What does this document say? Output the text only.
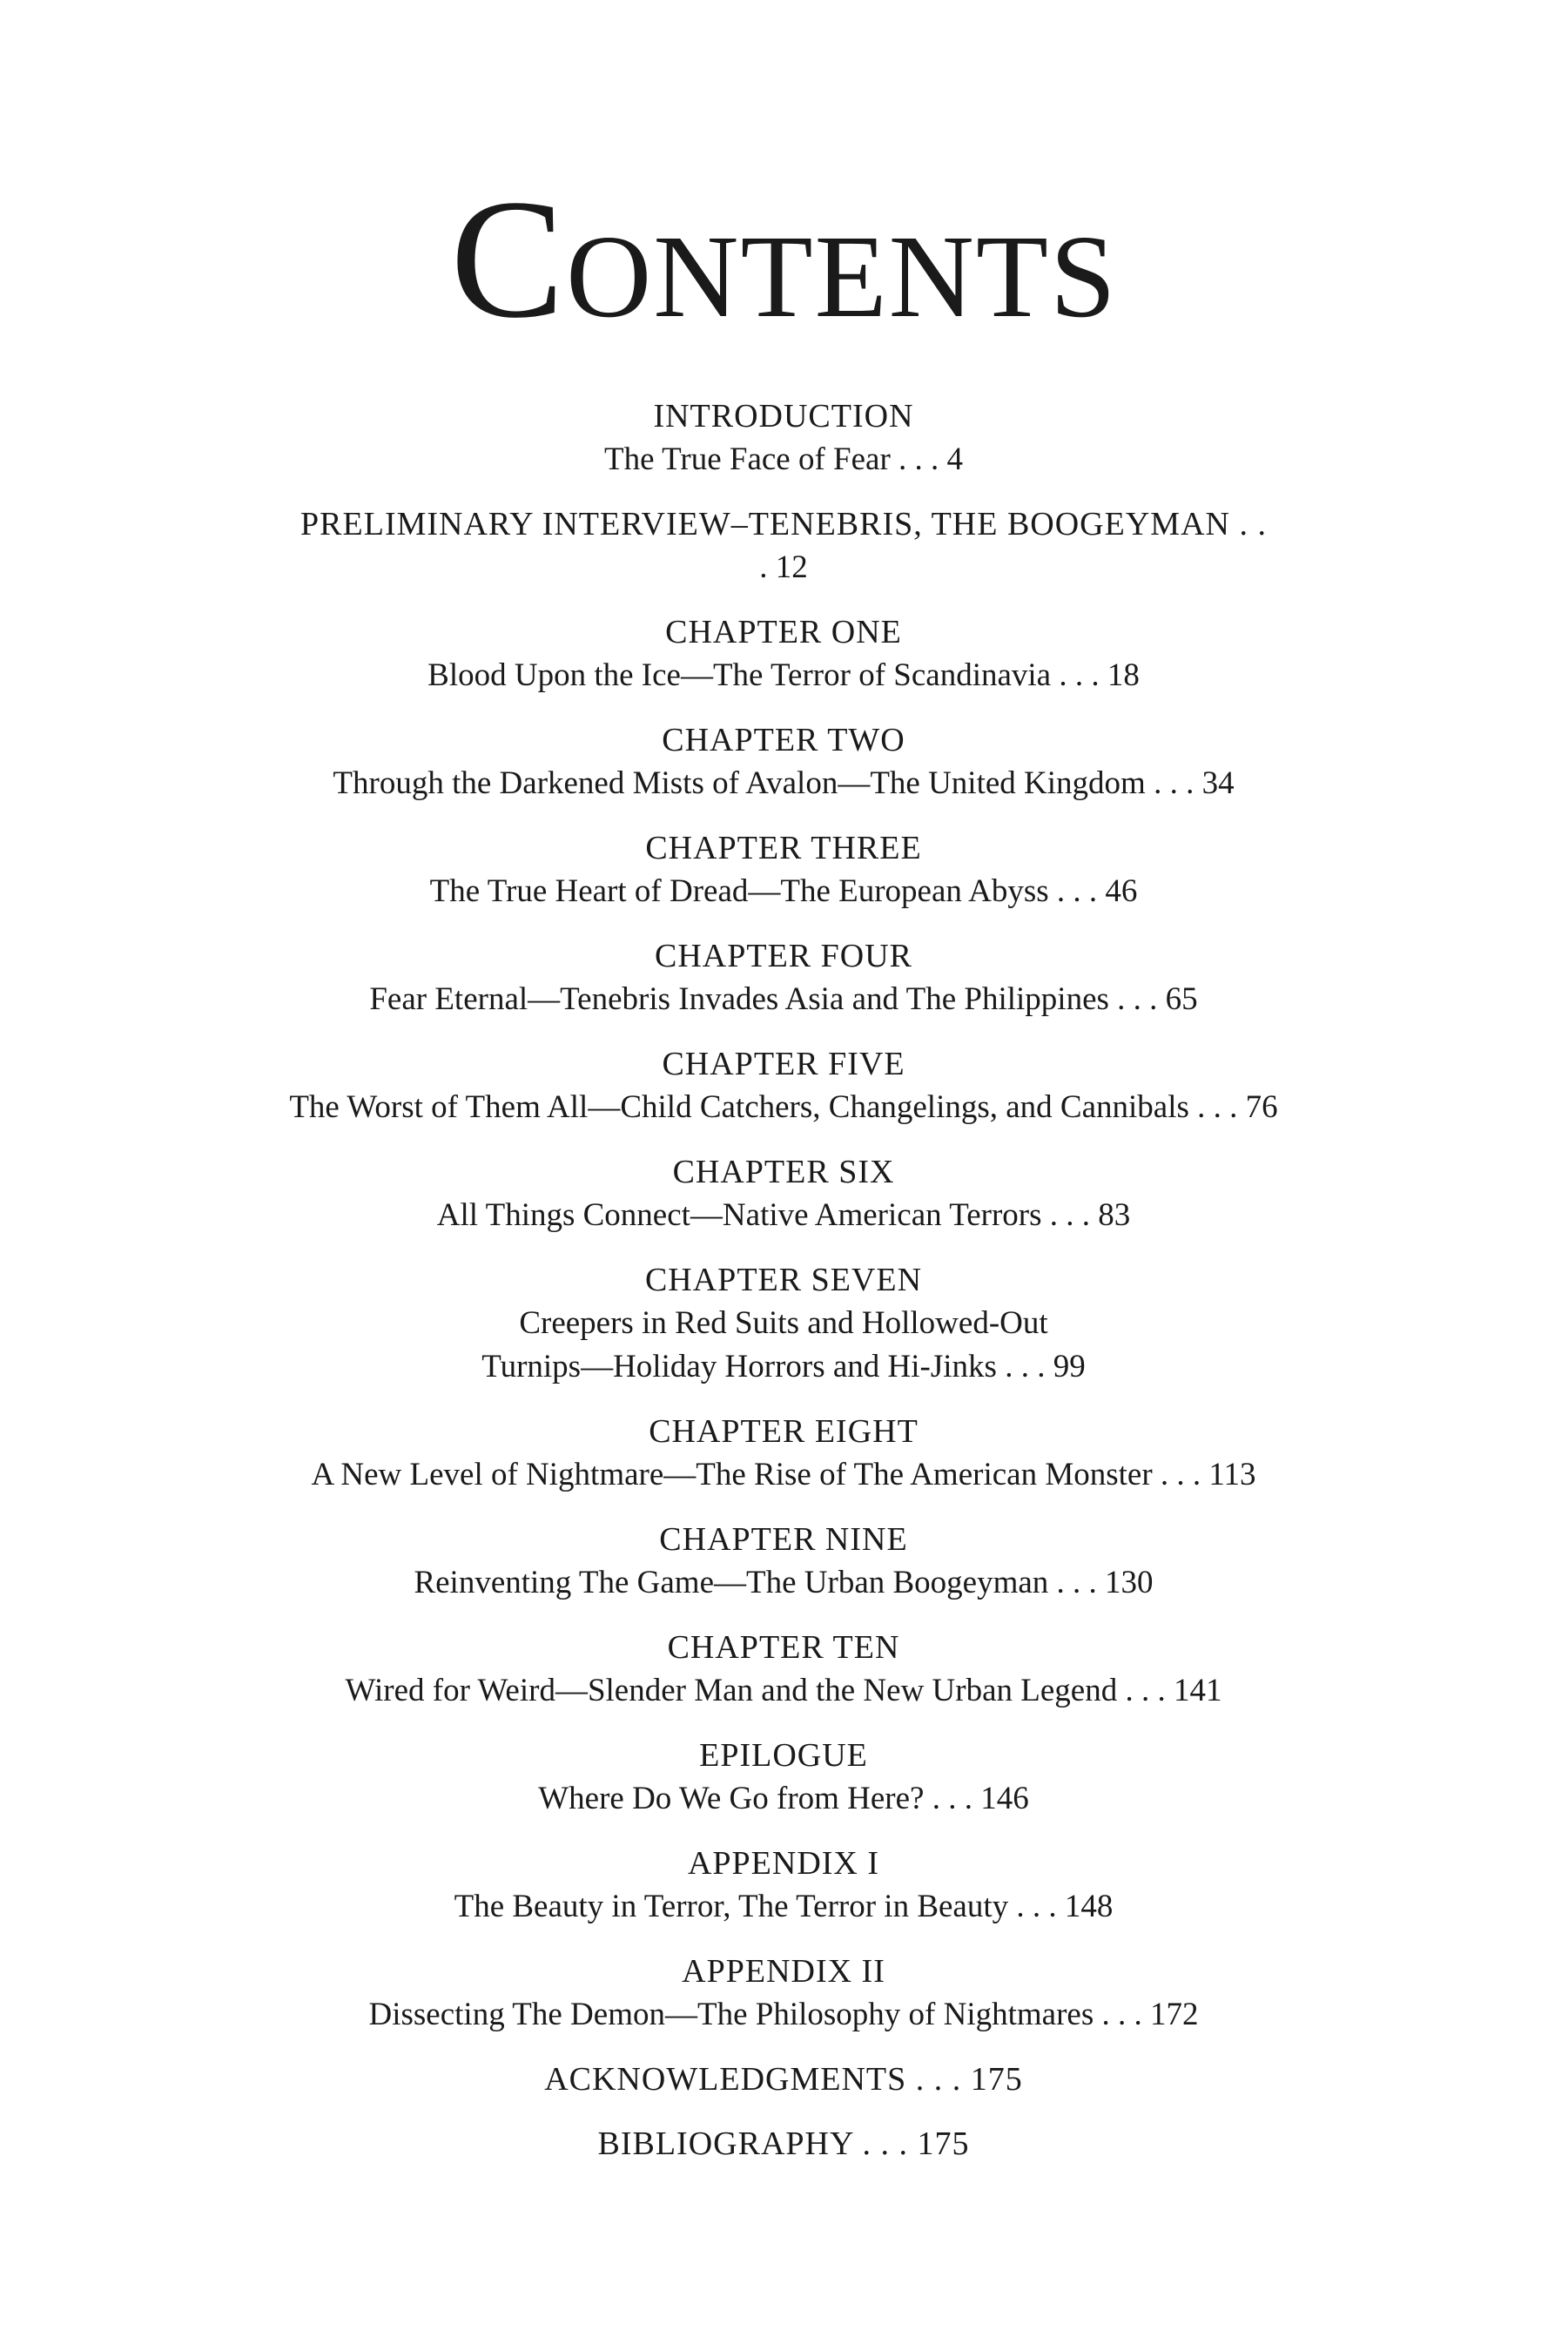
CONTENTS
INTRODUCTION
The True Face of Fear . . . 4
PRELIMINARY INTERVIEW–TENEBRIS, THE BOOGEYMAN . .
. 12
CHAPTER ONE
Blood Upon the Ice—The Terror of Scandinavia . . . 18
CHAPTER TWO
Through the Darkened Mists of Avalon—The United Kingdom . . . 34
CHAPTER THREE
The True Heart of Dread—The European Abyss . . . 46
CHAPTER FOUR
Fear Eternal—Tenebris Invades Asia and The Philippines . . . 65
CHAPTER FIVE
The Worst of Them All—Child Catchers, Changelings, and Cannibals . . . 76
CHAPTER SIX
All Things Connect—Native American Terrors . . . 83
CHAPTER SEVEN
Creepers in Red Suits and Hollowed-Out
Turnips—Holiday Horrors and Hi-Jinks . . . 99
CHAPTER EIGHT
A New Level of Nightmare—The Rise of The American Monster . . . 113
CHAPTER NINE
Reinventing The Game—The Urban Boogeyman . . . 130
CHAPTER TEN
Wired for Weird—Slender Man and the New Urban Legend . . . 141
EPILOGUE
Where Do We Go from Here? . . . 146
APPENDIX I
The Beauty in Terror, The Terror in Beauty . . . 148
APPENDIX II
Dissecting The Demon—The Philosophy of Nightmares . . . 172
ACKNOWLEDGMENTS . . . 175
BIBLIOGRAPHY . . . 175
